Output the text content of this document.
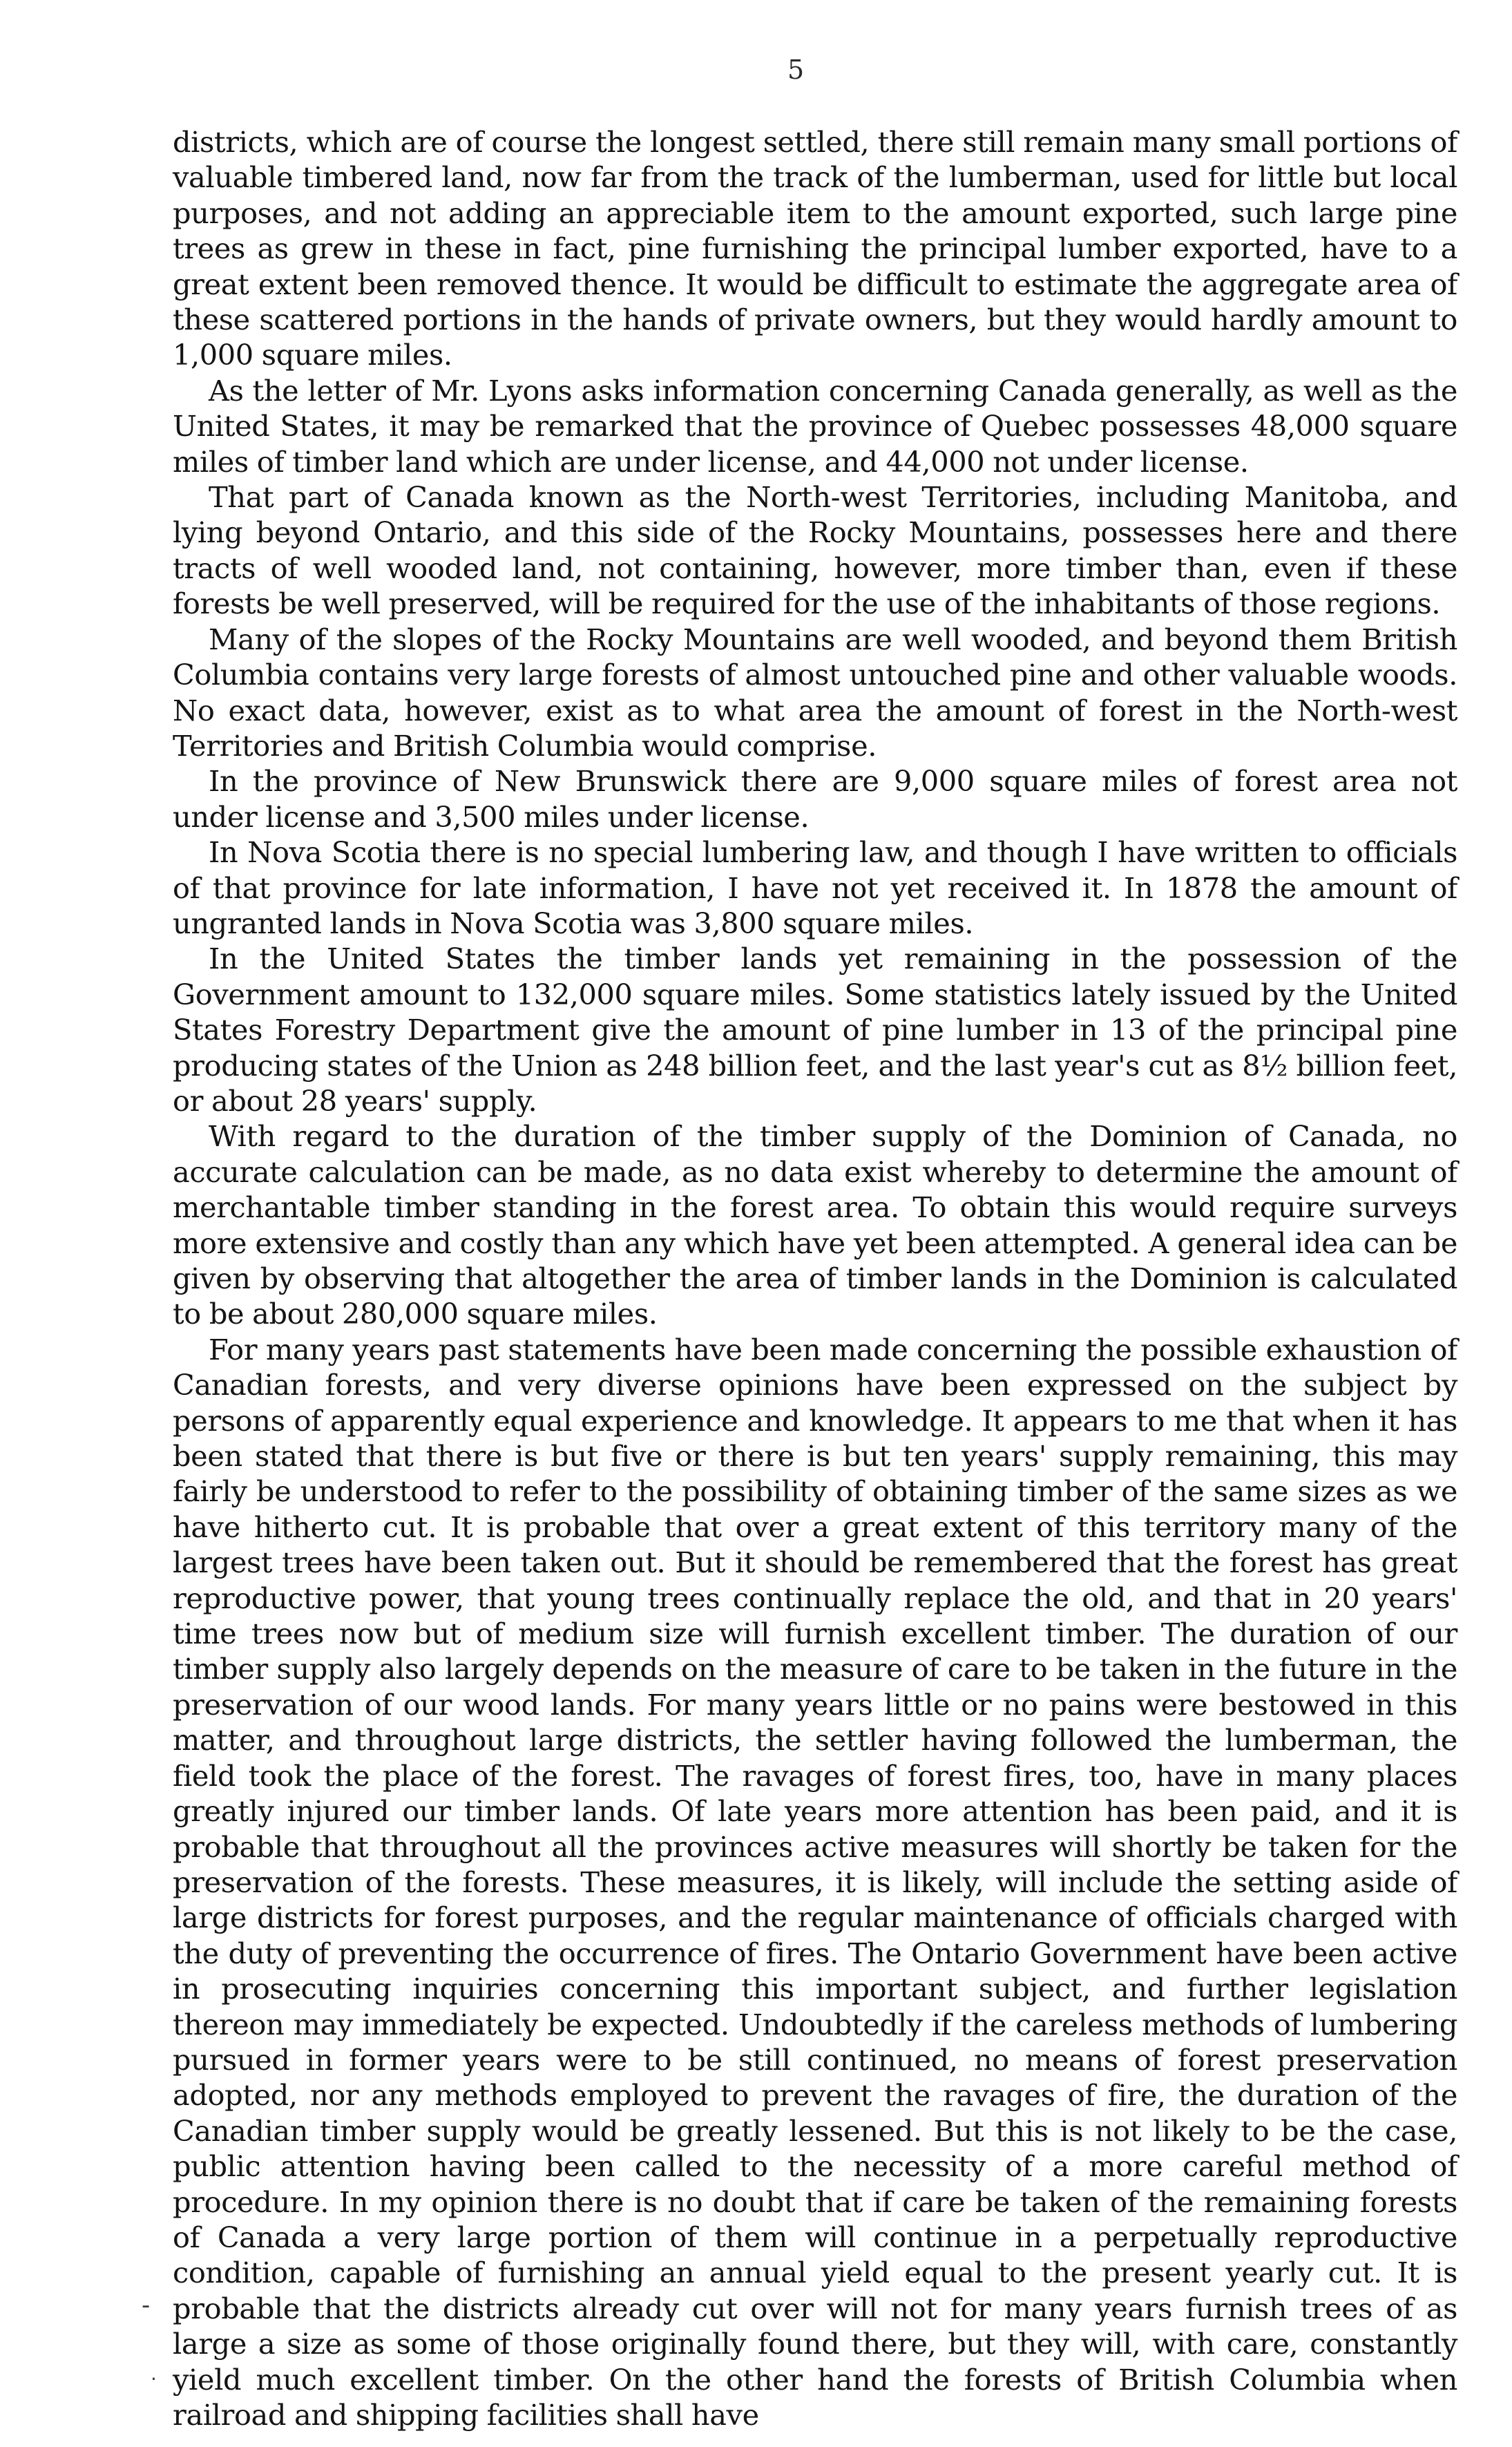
5

districts, which are of course the longest settled, there still remain many small portions of valuable timbered land, now far from the track of the lumberman, used for little but local purposes, and not adding an appreciable item to the amount exported, such large pine trees as grew in these in fact, pine furnishing the principal lumber exported, have to a great extent been removed thence. It would be difficult to estimate the aggregate area of these scattered portions in the hands of private owners, but they would hardly amount to 1,000 square miles.

As the letter of Mr. Lyons asks information concerning Canada generally, as well as the United States, it may be remarked that the province of Quebec possesses 48,000 square miles of timber land which are under license, and 44,000 not under license.

That part of Canada known as the North-west Territories, including Manitoba, and lying beyond Ontario, and this side of the Rocky Mountains, possesses here and there tracts of well wooded land, not containing, however, more timber than, even if these forests be well preserved, will be required for the use of the inhabitants of those regions.

Many of the slopes of the Rocky Mountains are well wooded, and beyond them British Columbia contains very large forests of almost untouched pine and other valuable woods. No exact data, however, exist as to what area the amount of forest in the North-west Territories and British Columbia would comprise.

In the province of New Brunswick there are 9,000 square miles of forest area not under license and 3,500 miles under license.

In Nova Scotia there is no special lumbering law, and though I have written to officials of that province for late information, I have not yet received it. In 1878 the amount of ungranted lands in Nova Scotia was 3,800 square miles.

In the United States the timber lands yet remaining in the possession of the Government amount to 132,000 square miles. Some statistics lately issued by the United States Forestry Department give the amount of pine lumber in 13 of the principal pine producing states of the Union as 248 billion feet, and the last year's cut as 8½ billion feet, or about 28 years' supply.

With regard to the duration of the timber supply of the Dominion of Canada, no accurate calculation can be made, as no data exist whereby to determine the amount of merchantable timber standing in the forest area. To obtain this would require surveys more extensive and costly than any which have yet been attempted. A general idea can be given by observing that altogether the area of timber lands in the Dominion is calculated to be about 280,000 square miles.

For many years past statements have been made concerning the possible exhaustion of Canadian forests, and very diverse opinions have been expressed on the subject by persons of apparently equal experience and knowledge. It appears to me that when it has been stated that there is but five or there is but ten years' supply remaining, this may fairly be understood to refer to the possibility of obtaining timber of the same sizes as we have hitherto cut. It is probable that over a great extent of this territory many of the largest trees have been taken out. But it should be remembered that the forest has great reproductive power, that young trees continually replace the old, and that in 20 years' time trees now but of medium size will furnish excellent timber. The duration of our timber supply also largely depends on the measure of care to be taken in the future in the preservation of our wood lands. For many years little or no pains were bestowed in this matter, and throughout large districts, the settler having followed the lumberman, the field took the place of the forest. The ravages of forest fires, too, have in many places greatly injured our timber lands. Of late years more attention has been paid, and it is probable that throughout all the provinces active measures will shortly be taken for the preservation of the forests. These measures, it is likely, will include the setting aside of large districts for forest purposes, and the regular maintenance of officials charged with the duty of preventing the occurrence of fires. The Ontario Government have been active in prosecuting inquiries concerning this important subject, and further legislation thereon may immediately be expected. Undoubtedly if the careless methods of lumbering pursued in former years were to be still continued, no means of forest preservation adopted, nor any methods employed to prevent the ravages of fire, the duration of the Canadian timber supply would be greatly lessened. But this is not likely to be the case, public attention having been called to the necessity of a more careful method of procedure. In my opinion there is no doubt that if care be taken of the remaining forests of Canada a very large portion of them will continue in a perpetually reproductive condition, capable of furnishing an annual yield equal to the present yearly cut. It is probable that the districts already cut over will not for many years furnish trees of as large a size as some of those originally found there, but they will, with care, constantly yield much excellent timber. On the other hand the forests of British Columbia when railroad and shipping facilities shall have

-
.
